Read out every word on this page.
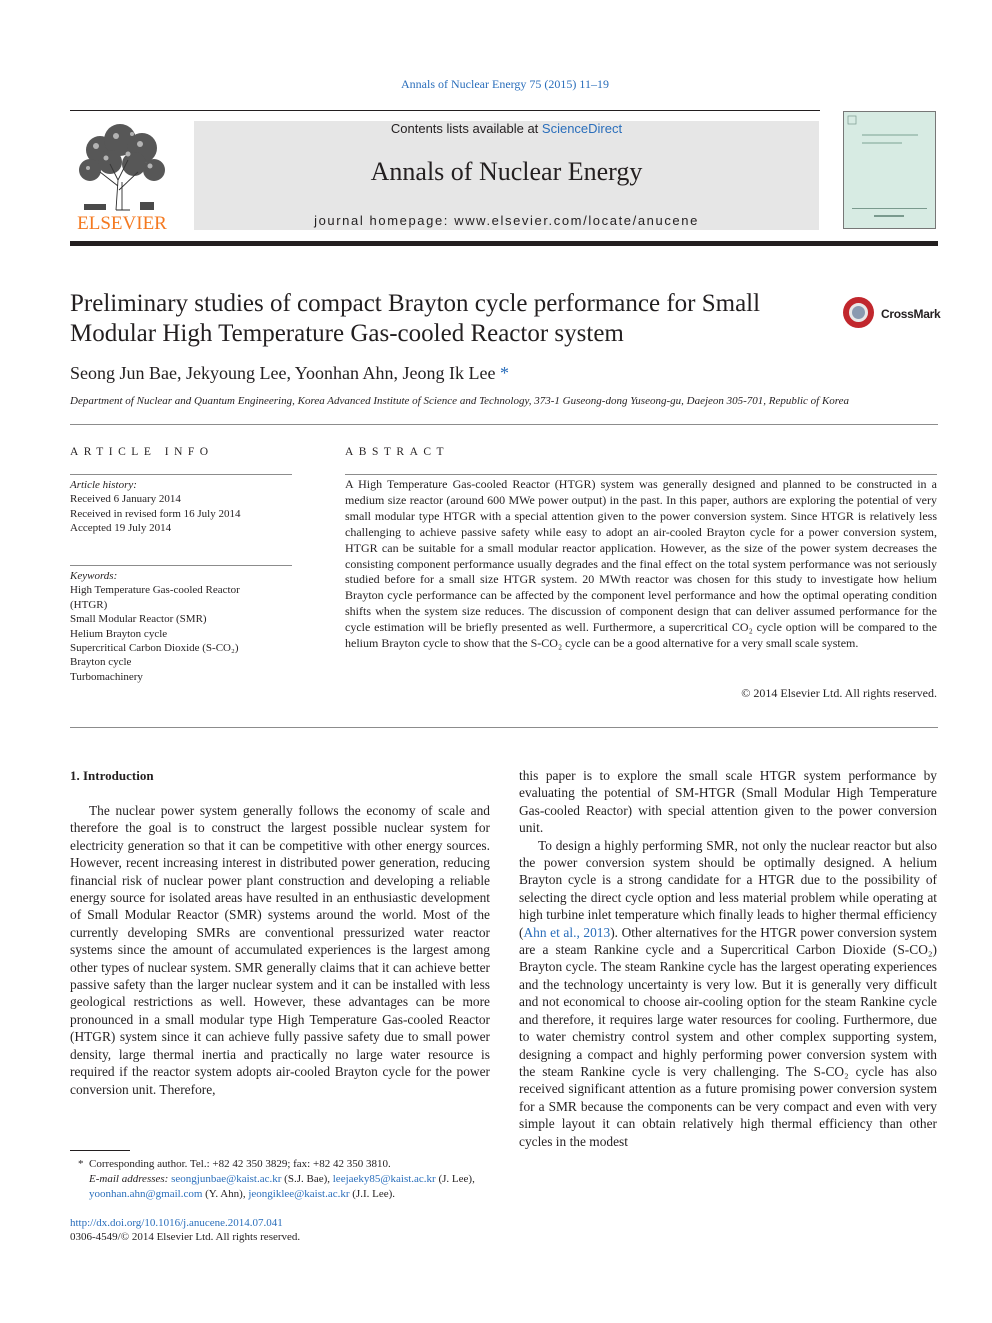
Annals of Nuclear Energy 75 (2015) 11–19
ELSEVIER
Contents lists available at ScienceDirect
Annals of Nuclear Energy
journal homepage: www.elsevier.com/locate/anucene
Preliminary studies of compact Brayton cycle performance for Small Modular High Temperature Gas-cooled Reactor system
CrossMark
Seong Jun Bae, Jekyoung Lee, Yoonhan Ahn, Jeong Ik Lee *
Department of Nuclear and Quantum Engineering, Korea Advanced Institute of Science and Technology, 373-1 Guseong-dong Yuseong-gu, Daejeon 305-701, Republic of Korea
ARTICLE INFO
Article history:
Received 6 January 2014
Received in revised form 16 July 2014
Accepted 19 July 2014
Keywords:
High Temperature Gas-cooled Reactor
(HTGR)
Small Modular Reactor (SMR)
Helium Brayton cycle
Supercritical Carbon Dioxide (S-CO₂)
Brayton cycle
Turbomachinery
ABSTRACT
A High Temperature Gas-cooled Reactor (HTGR) system was generally designed and planned to be constructed in a medium size reactor (around 600 MWe power output) in the past. In this paper, authors are exploring the potential of very small modular type HTGR with a special attention given to the power conversion system. Since HTGR is relatively less challenging to achieve passive safety while easy to adopt an air-cooled Brayton cycle for a power conversion system, HTGR can be suitable for a small modular reactor application. However, as the size of the power system decreases the consisting component performance usually degrades and the final effect on the total system performance was not seriously studied before for a small size HTGR system. 20 MWth reactor was chosen for this study to investigate how helium Brayton cycle performance can be affected by the component level performance and how the optimal operating condition shifts when the system size reduces. The discussion of component design that can deliver assumed performance for the cycle estimation will be briefly presented as well. Furthermore, a supercritical CO₂ cycle option will be compared to the helium Brayton cycle to show that the S-CO₂ cycle can be a good alternative for a very small scale system.
© 2014 Elsevier Ltd. All rights reserved.
1. Introduction

The nuclear power system generally follows the economy of scale and therefore the goal is to construct the largest possible nuclear system for electricity generation so that it can be competitive with other energy sources. However, recent increasing interest in distributed power generation, reducing financial risk of nuclear power plant construction and developing a reliable energy source for isolated areas have resulted in an enthusiastic development of Small Modular Reactor (SMR) systems around the world. Most of the currently developing SMRs are conventional pressurized water reactor systems since the amount of accumulated experiences is the largest among other types of nuclear system. SMR generally claims that it can achieve better passive safety than the larger nuclear system and it can be installed with less geological restrictions as well. However, these advantages can be more pronounced in a small modular type High Temperature Gas-cooled Reactor (HTGR) system since it can achieve fully passive safety due to small power density, large thermal inertia and practically no large water resource is required if the reactor system adopts air-cooled Brayton cycle for the power conversion unit. Therefore,

this paper is to explore the small scale HTGR system performance by evaluating the potential of SM-HTGR (Small Modular High Temperature Gas-cooled Reactor) with special attention given to the power conversion unit.

To design a highly performing SMR, not only the nuclear reactor but also the power conversion system should be optimally designed. A helium Brayton cycle is a strong candidate for a HTGR due to the possibility of selecting the direct cycle option and less material problem while operating at high turbine inlet temperature which finally leads to higher thermal efficiency (Ahn et al., 2013). Other alternatives for the HTGR power conversion system are a steam Rankine cycle and a Supercritical Carbon Dioxide (S-CO₂) Brayton cycle. The steam Rankine cycle has the largest operating experiences and the technology uncertainty is very low. But it is generally very difficult and not economical to choose air-cooling option for the steam Rankine cycle and therefore, it requires large water resources for cooling. Furthermore, due to water chemistry control system and other complex supporting system, designing a compact and highly performing power conversion system with the steam Rankine cycle is very challenging. The S-CO₂ cycle has also received significant attention as a future promising power conversion system for a SMR because the components can be very compact and even with very simple layout it can obtain relatively high thermal efficiency than other cycles in the modest

* Corresponding author. Tel.: +82 42 350 3829; fax: +82 42 350 3810.
E-mail addresses: seongjunbae@kaist.ac.kr (S.J. Bae), leejaeky85@kaist.ac.kr (J. Lee), yoonhan.ahn@gmail.com (Y. Ahn), jeongiklee@kaist.ac.kr (J.I. Lee).
http://dx.doi.org/10.1016/j.anucene.2014.07.041
0306-4549/© 2014 Elsevier Ltd. All rights reserved.
